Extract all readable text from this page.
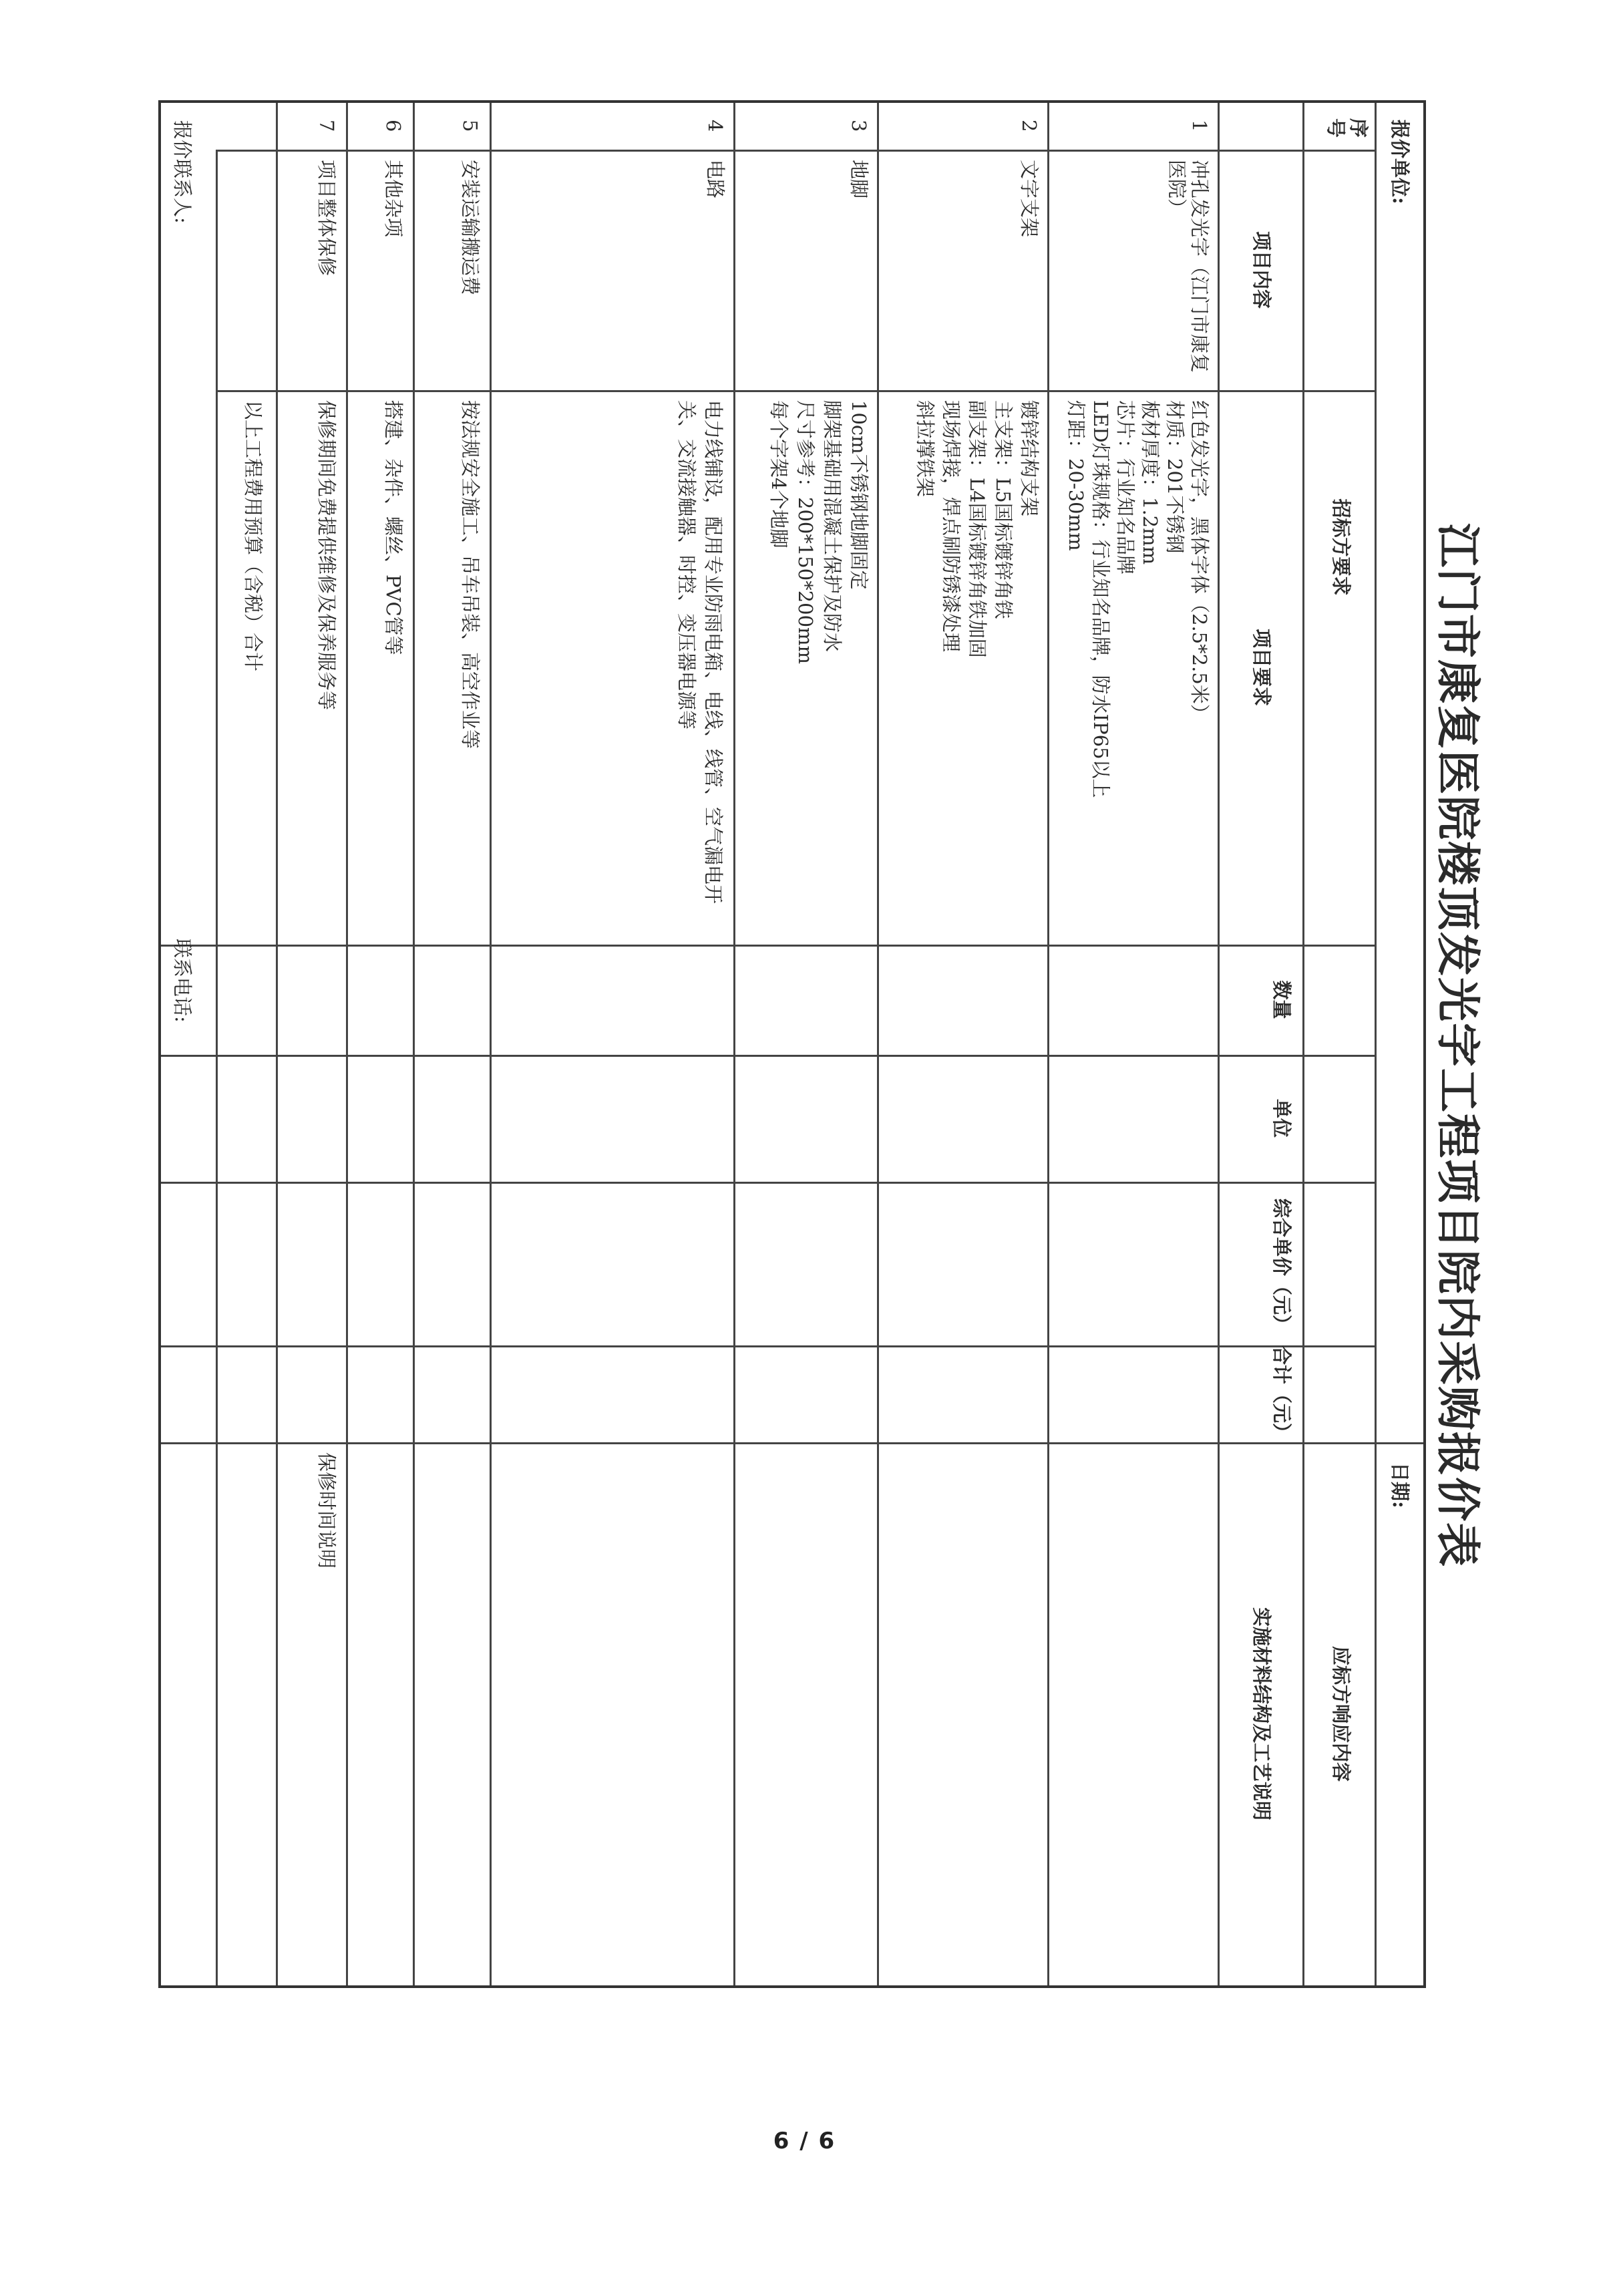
江门市康复医院楼顶发光字工程项目院内采购报价表
报价单位:
日期:
招标方要求
应标方响应内容
序号
项目内容
项目要求
数量
单位
综合单价（元）
合计（元）
实施材料结构及工艺说明
1
冲孔发光字（江门市康复医院）
红色发光字，黑体字体（2.5*2.5米）
材质：201不锈钢
板材厚度：1.2mm
芯片：行业知名品牌
LED灯珠规格：行业知名品牌，防水IP65以上
灯距：20-30mm
2
文字支架
镀锌结构支架
主支架：L5国标镀锌角铁
副支架：L4国标镀锌角铁加固
现场焊接，焊点刷防锈漆处理
斜拉撑铁架
3
地脚
10cm不锈钢地脚固定
脚架基础用混凝土保护及防水
尺寸参考：200*150*200mm
每个字架4个地脚
4
电路
电力线铺设，配用专业防雨电箱、电线、线管、空气漏电开关、交流接触器、时控、变压器电源等
5
安装运输搬运费
按法规安全施工、吊车吊装、高空作业等
6
其他杂项
搭建、杂件、螺丝、PVC管等
7
项目整体保修
保修期间免费提供维修及保养服务等
保修时间说明
以上工程费用预算（含税）合计
报价联系人:
联系电话:
6 / 6
